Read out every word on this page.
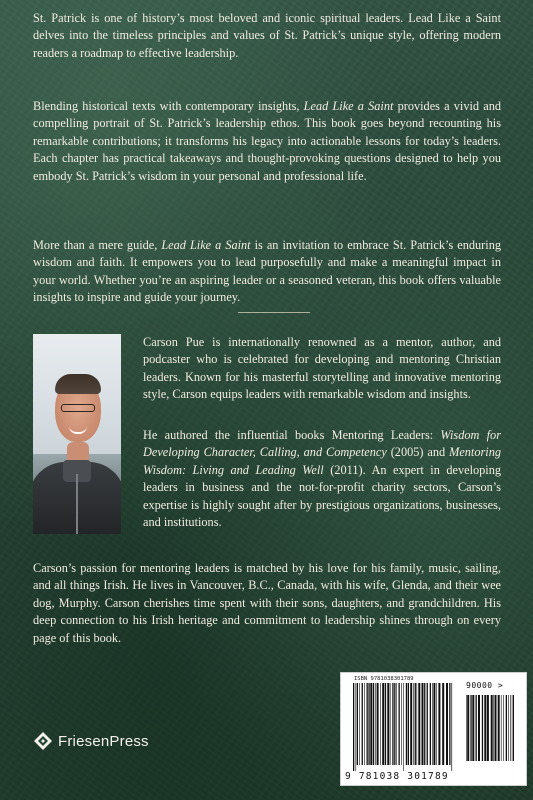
St. Patrick is one of history’s most beloved and iconic spiritual leaders. Lead Like a Saint delves into the timeless principles and values of St. Patrick’s unique style, offering modern readers a roadmap to effective leadership.

Blending historical texts with contemporary insights, Lead Like a Saint provides a vivid and compelling portrait of St. Patrick’s leadership ethos. This book goes beyond recounting his remarkable contributions; it transforms his legacy into actionable lessons for today’s leaders. Each chapter has practical takeaways and thought-provoking questions designed to help you embody St. Patrick’s wisdom in your personal and professional life.

More than a mere guide, Lead Like a Saint is an invitation to embrace St. Patrick’s enduring wisdom and faith. It empowers you to lead purposefully and make a meaningful impact in your world. Whether you’re an aspiring leader or a seasoned veteran, this book offers valuable insights to inspire and guide your journey.

Carson Pue is internationally renowned as a mentor, author, and podcaster who is celebrated for developing and mentoring Christian leaders. Known for his masterful storytelling and innovative mentoring style, Carson equips leaders with remarkable wisdom and insights.

He authored the influential books Mentoring Leaders: Wisdom for Developing Character, Calling, and Competency (2005) and Mentoring Wisdom: Living and Leading Well (2011). An expert in developing leaders in business and the not-for-profit charity sectors, Carson’s expertise is highly sought after by prestigious organizations, businesses, and institutions.

Carson’s passion for mentoring leaders is matched by his love for his family, music, sailing, and all things Irish. He lives in Vancouver, B.C., Canada, with his wife, Glenda, and their wee dog, Murphy. Carson cherishes time spent with their sons, daughters, and grandchildren. His deep connection to his Irish heritage and commitment to leadership shines through on every page of this book.

FriesenPress
ISBN 9781038301789
90000 >
9 781038 301789
